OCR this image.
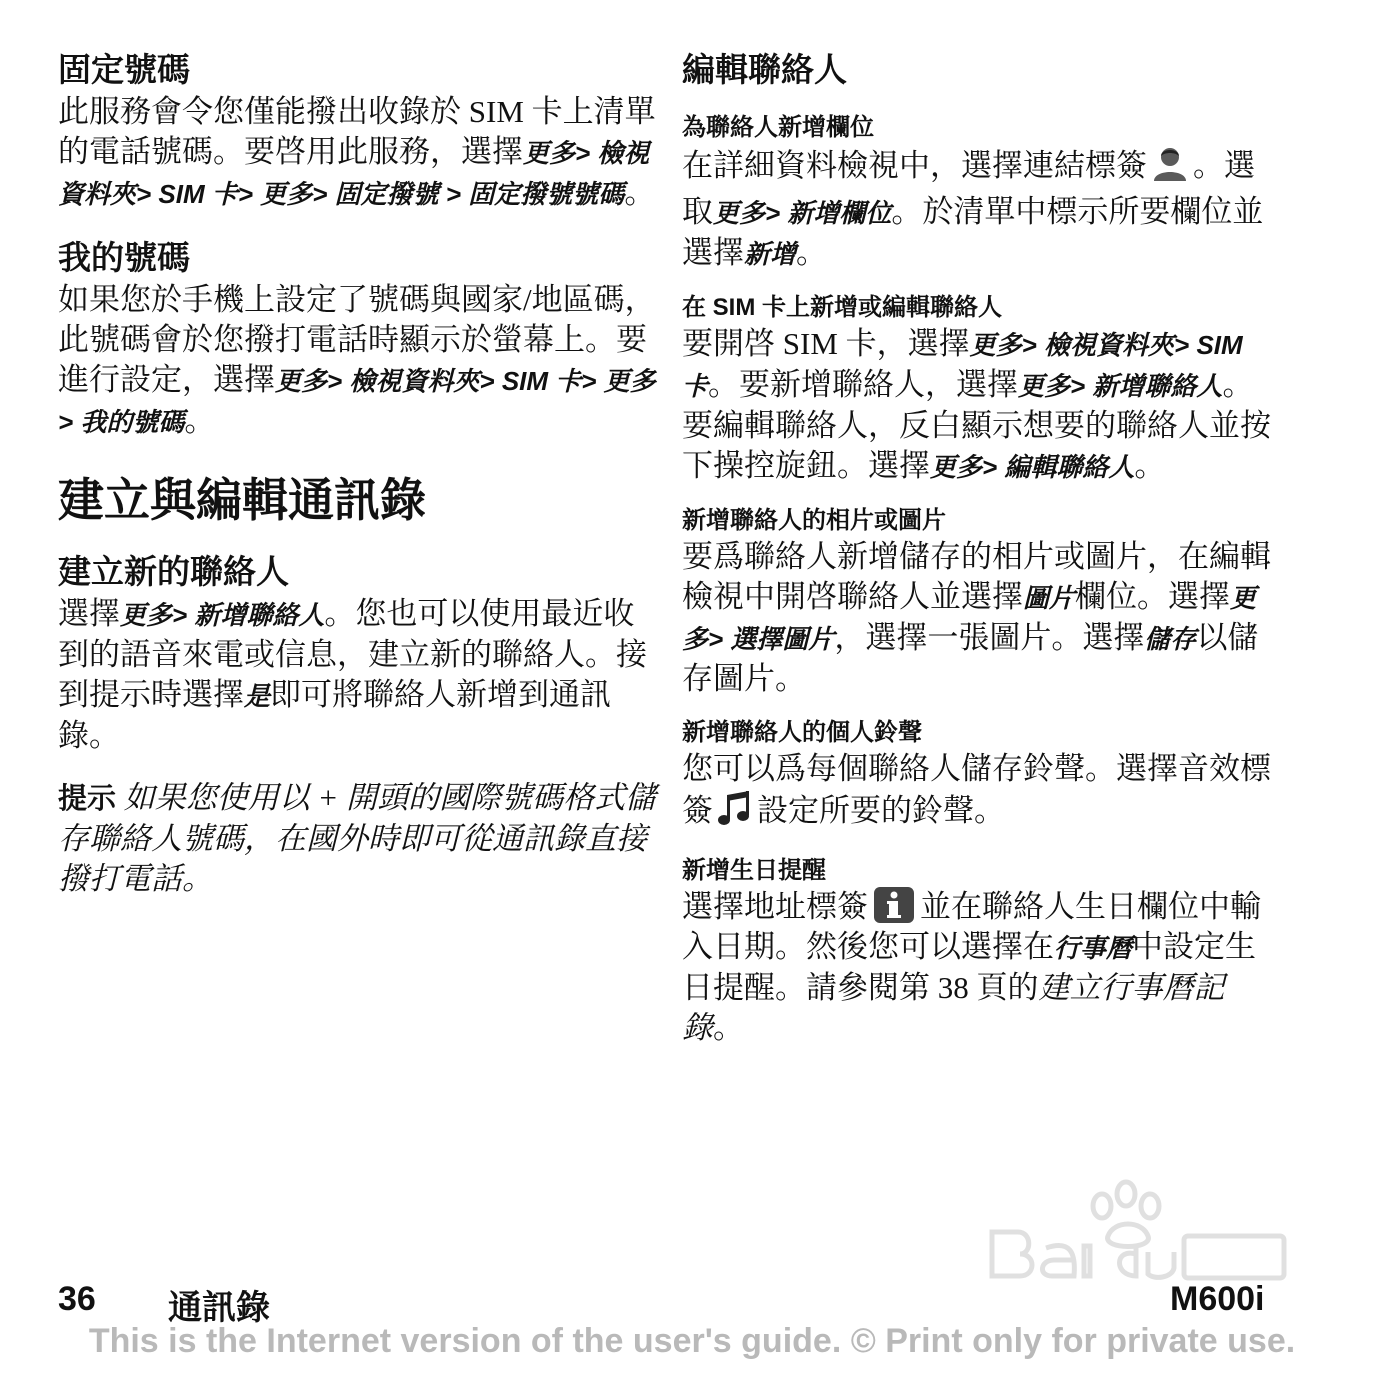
固定號碼

此服務會令您僅能撥出收錄於 SIM 卡上清單的電話號碼。要啓用此服務，選擇更多> 檢視資料夾> SIM 卡> 更多> 固定撥號 > 固定撥號號碼。

我的號碼

如果您於手機上設定了號碼與國家/地區碼，此號碼會於您撥打電話時顯示於螢幕上。要進行設定，選擇更多> 檢視資料夾> SIM 卡> 更多> 我的號碼。

建立與編輯通訊錄
建立新的聯絡人

選擇更多> 新增聯絡人。您也可以使用最近收到的語音來電或信息，建立新的聯絡人。接到提示時選擇是即可將聯絡人新增到通訊錄。

提示 如果您使用以 + 開頭的國際號碼格式儲存聯絡人號碼，在國外時即可從通訊錄直接撥打電話。

編輯聯絡人
為聯絡人新增欄位

在詳細資料檢視中，選擇連結標簽 。選取更多> 新增欄位。於清單中標示所要欄位並選擇新增。

在 SIM 卡上新增或編輯聯絡人

要開啓 SIM 卡，選擇更多> 檢視資料夾> SIM 卡。要新增聯絡人，選擇更多> 新增聯絡人。要編輯聯絡人，反白顯示想要的聯絡人並按下操控旋鈕。選擇更多> 編輯聯絡人。

新增聯絡人的相片或圖片

要爲聯絡人新增儲存的相片或圖片，在編輯檢視中開啓聯絡人並選擇圖片欄位。選擇更多> 選擇圖片，選擇一張圖片。選擇儲存以儲存圖片。

新增聯絡人的個人鈴聲

您可以爲每個聯絡人儲存鈴聲。選擇音效標簽 設定所要的鈴聲。

新增生日提醒

選擇地址標簽 並在聯絡人生日欄位中輸入日期。然後您可以選擇在行事曆中設定生日提醒。請參閱第 38 頁的建立行事曆記錄。

36 通訊錄	M600i
This is the Internet version of the user's guide. © Print only for private use.
